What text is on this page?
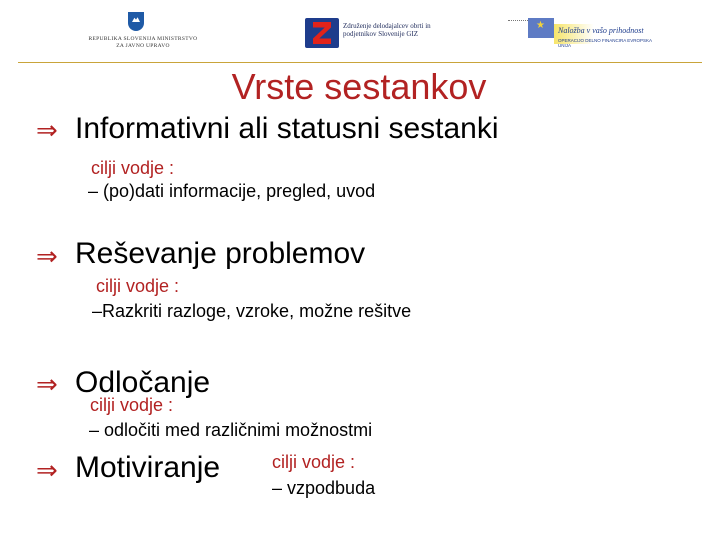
REPUBLIKA SLOVENIJA MINISTRSTVO ZA JAVNO UPRAVO
Združenje delodajalcev obrti in podjetnikov Slovenije GIZ
★	Naložba v vašo prihodnost
OPERACIJO DELNO FINANCIRA EVROPSKA UNIJA
Vrste sestankov
⇒ Informativni ali statusni sestanki
cilji vodje :
– (po)dati informacije, pregled, uvod
⇒ Reševanje problemov
cilji vodje :
–Razkriti razloge, vzroke, možne rešitve
⇒ Odločanje
cilji vodje :
– odločiti med različnimi možnostmi
⇒ Motiviranje	cilji vodje :
– vzpodbuda
